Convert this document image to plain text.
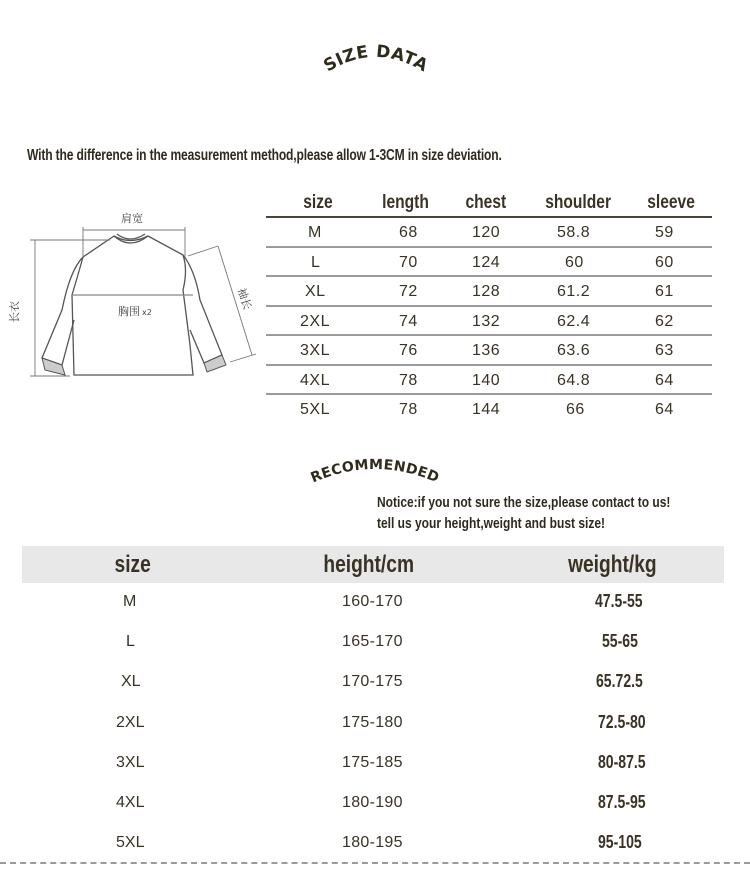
SIZE DATA
With the difference in the measurement method,please allow 1-3CM in size deviation.
肩宽
长衣
袖长
胸围 x2
size	length chest shoulder sleeve
M	68	120	58.8	59
L	70	124	60	60
XL	72	128	61.2	61
2XL	74	132	62.4	62
3XL	76	136	63.6	63
4XL	78	140	64.8	64
5XL	78	144	66	64
RECOMMENDED
Notice:if you not sure the size,please contact to us!
tell us your height,weight and bust size!
size	height/cm	weight/kg
M	160-170	47.5-55
L	165-170	55-65
XL	170-175	65.72.5
2XL	175-180	72.5-80
3XL	175-185	80-87.5
4XL	180-190	87.5-95
5XL	180-195	95-105
